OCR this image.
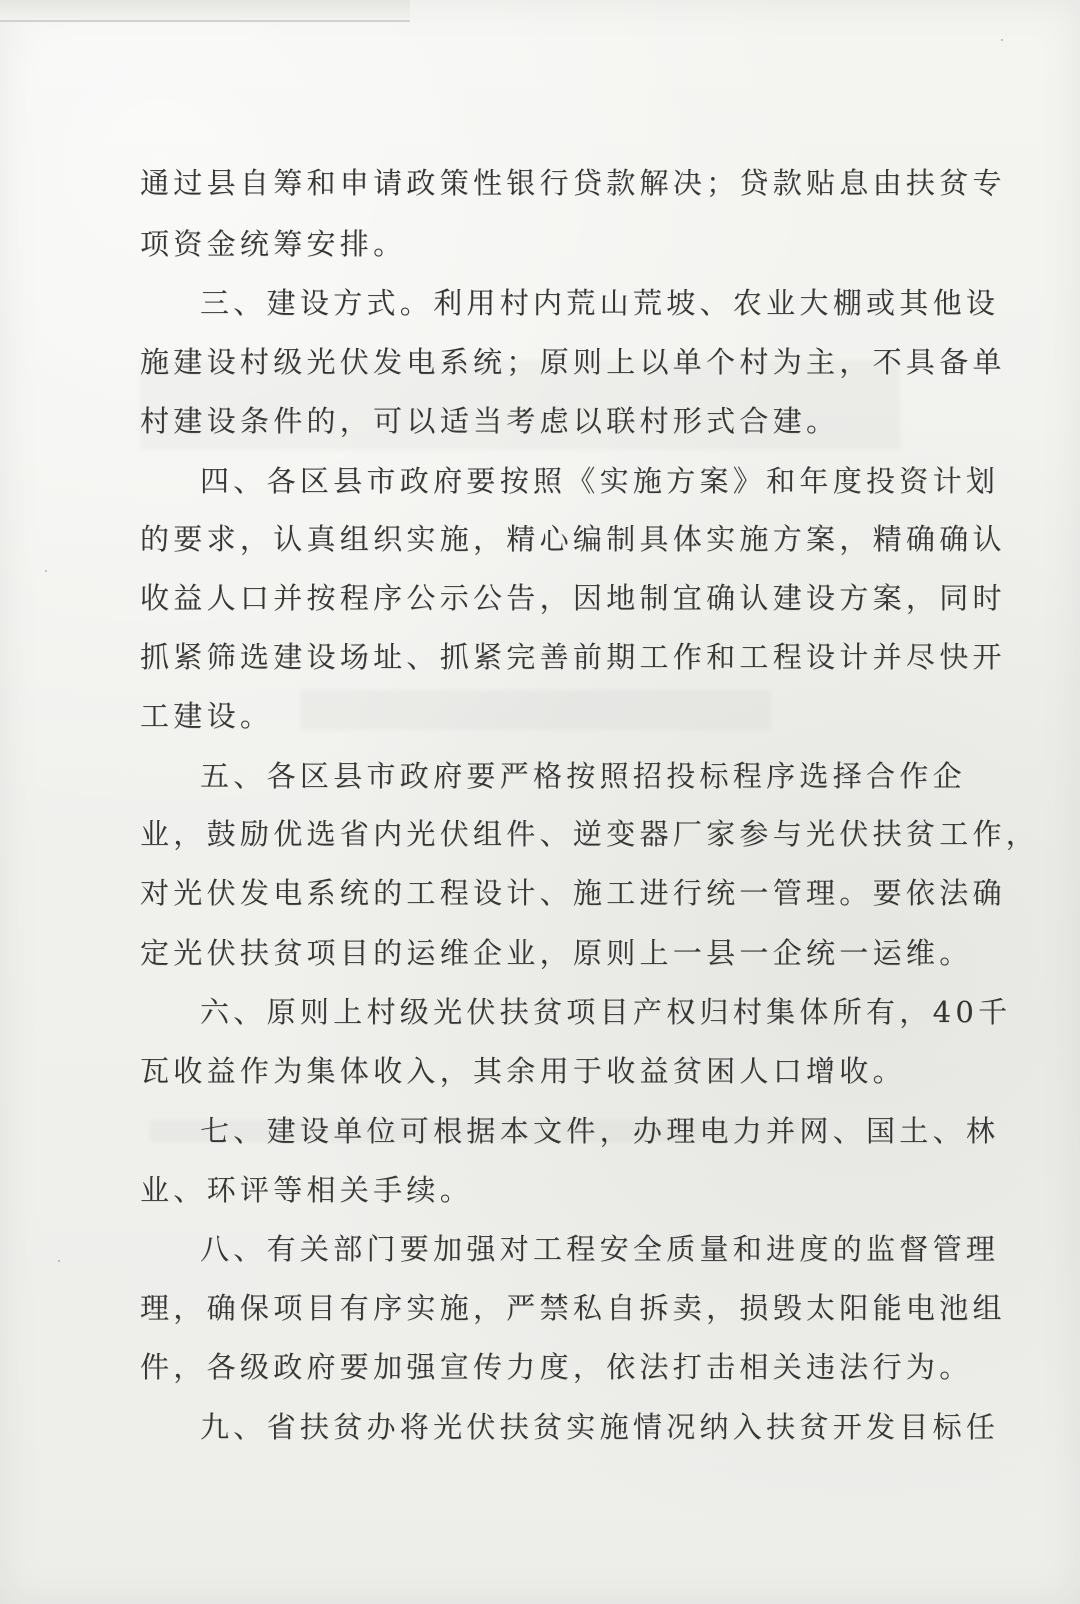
通过县自筹和申请政策性银行贷款解决；贷款贴息由扶贫专
项资金统筹安排。
三、建设方式。利用村内荒山荒坡、农业大棚或其他设
施建设村级光伏发电系统；原则上以单个村为主，不具备单
村建设条件的，可以适当考虑以联村形式合建。
四、各区县市政府要按照《实施方案》和年度投资计划
的要求，认真组织实施，精心编制具体实施方案，精确确认
收益人口并按程序公示公告，因地制宜确认建设方案，同时
抓紧筛选建设场址、抓紧完善前期工作和工程设计并尽快开
工建设。
五、各区县市政府要严格按照招投标程序选择合作企
业，鼓励优选省内光伏组件、逆变器厂家参与光伏扶贫工作，
对光伏发电系统的工程设计、施工进行统一管理。要依法确
定光伏扶贫项目的运维企业，原则上一县一企统一运维。
六、原则上村级光伏扶贫项目产权归村集体所有，40千
瓦收益作为集体收入，其余用于收益贫困人口增收。
七、建设单位可根据本文件，办理电力并网、国土、林
业、环评等相关手续。
八、有关部门要加强对工程安全质量和进度的监督管理
理，确保项目有序实施，严禁私自拆卖，损毁太阳能电池组
件，各级政府要加强宣传力度，依法打击相关违法行为。
九、省扶贫办将光伏扶贫实施情况纳入扶贫开发目标任
